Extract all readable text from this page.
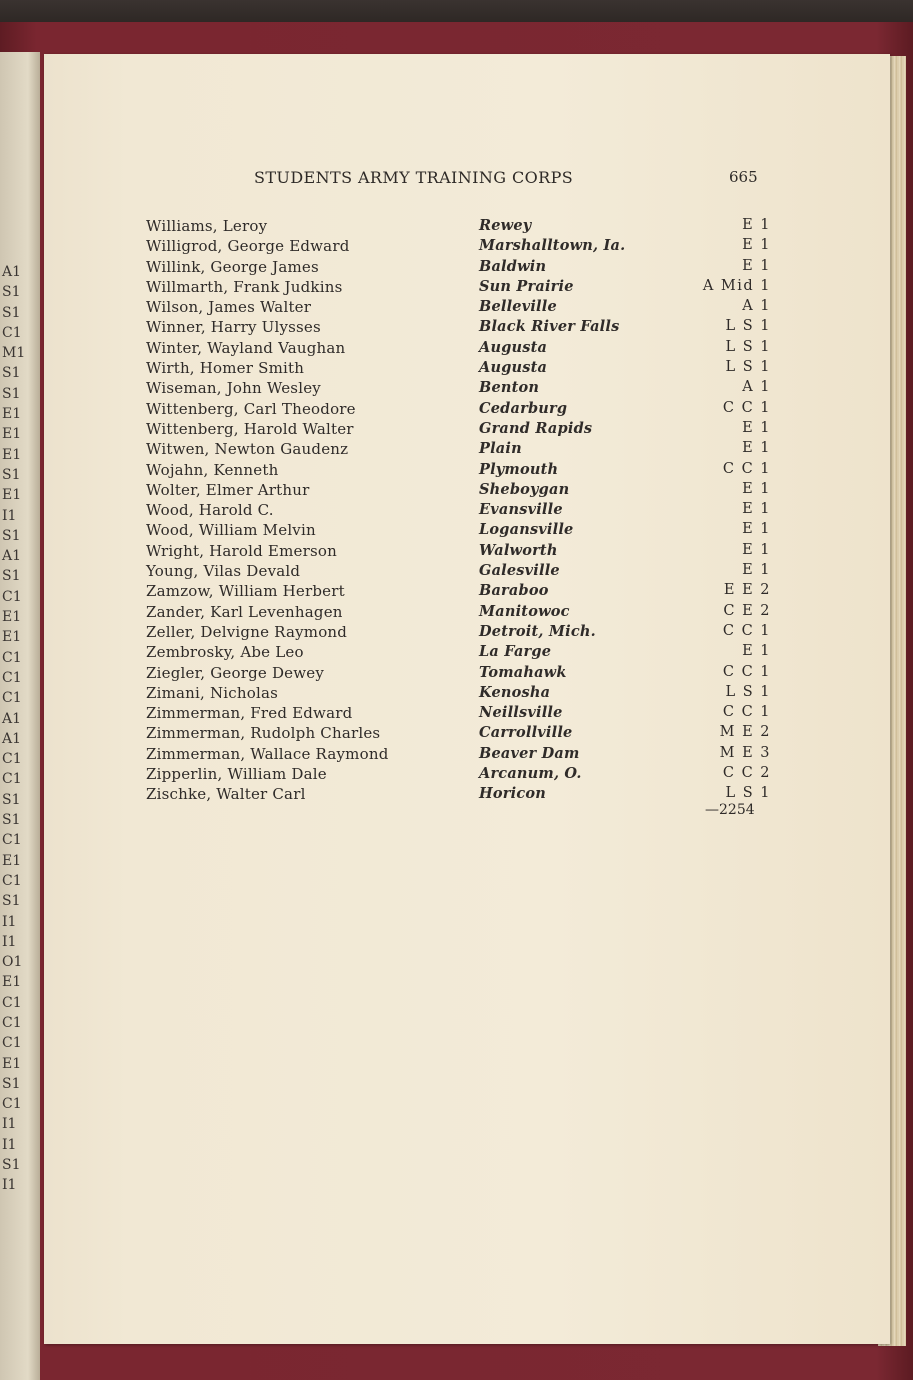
A1
S1
S1
C1
M1
S1
S1
E1
E1
E1
S1
E1
I1
S1
A1
S1
C1
E1
E1
C1
C1
C1
A1
A1
C1
C1
S1
S1
C1
E1
C1
S1
I1
I1
O1
E1
C1
C1
C1
E1
S1
C1
I1
I1
S1
I1
STUDENTS ARMY TRAINING CORPS	665
Williams, Leroy	Rewey	E 1
Willigrod, George Edward	Marshalltown, Ia.	E 1
Willink, George James	Baldwin	E 1
Willmarth, Frank Judkins	Sun Prairie	A Mid 1
Wilson, James Walter	Belleville	A 1
Winner, Harry Ulysses	Black River Falls	L S 1
Winter, Wayland Vaughan	Augusta	L S 1
Wirth, Homer Smith	Augusta	L S 1
Wiseman, John Wesley	Benton	A 1
Wittenberg, Carl Theodore	Cedarburg	C C 1
Wittenberg, Harold Walter	Grand Rapids	E 1
Witwen, Newton Gaudenz	Plain	E 1
Wojahn, Kenneth	Plymouth	C C 1
Wolter, Elmer Arthur	Sheboygan	E 1
Wood, Harold C.	Evansville	E 1
Wood, William Melvin	Logansville	E 1
Wright, Harold Emerson	Walworth	E 1
Young, Vilas Devald	Galesville	E 1
Zamzow, William Herbert	Baraboo	E E 2
Zander, Karl Levenhagen	Manitowoc	C E 2
Zeller, Delvigne Raymond	Detroit, Mich.	C C 1
Zembrosky, Abe Leo	La Farge	E 1
Ziegler, George Dewey	Tomahawk	C C 1
Zimani, Nicholas	Kenosha	L S 1
Zimmerman, Fred Edward	Neillsville	C C 1
Zimmerman, Rudolph Charles	Carrollville	M E 2
Zimmerman, Wallace Raymond	Beaver Dam	M E 3
Zipperlin, William Dale	Arcanum, O.	C C 2
Zischke, Walter Carl	Horicon	L S 1
—2254
